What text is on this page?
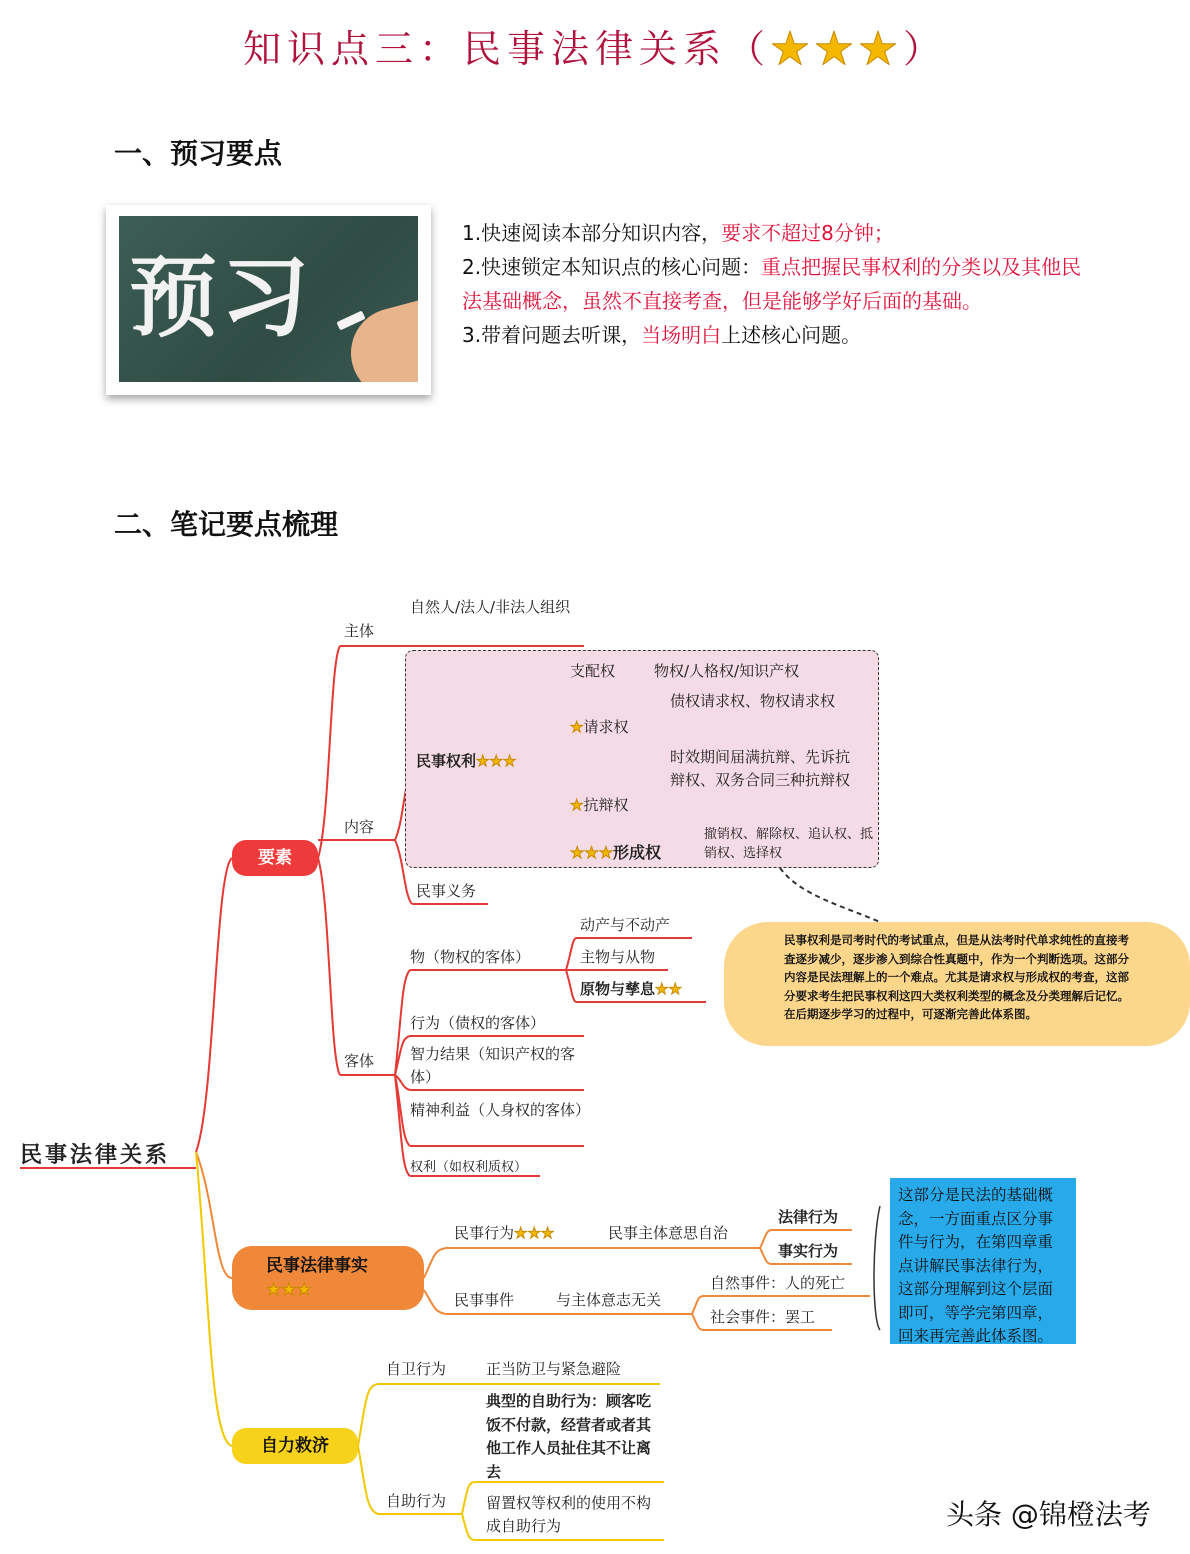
知识点三：民事法律关系（★★★）
一、预习要点
预习
1.快速阅读本部分知识内容，要求不超过8分钟；
2.快速锁定本知识点的核心问题：重点把握民事权利的分类以及其他民法基础概念，虽然不直接考查，但是能够学好后面的基础。
3.带着问题去听课，当场明白上述核心问题。
二、笔记要点梳理
民事法律关系
要素
民事法律事实
★★★
自力救济
主体
自然人/法人/非法人组织
内容
民事权利★★★
支配权	物权/人格权/知识产权
★请求权
债权请求权、物权请求权
★抗辩权
时效期间届满抗辩、先诉抗辩权、双务合同三种抗辩权
★★★形成权
撤销权、解除权、追认权、抵销权、选择权
民事义务
客体
物（物权的客体）
动产与不动产
主物与从物
原物与孳息★★
行为（债权的客体）
智力结果（知识产权的客体）
精神利益（人身权的客体）
权利（如权利质权）
民事权利是司考时代的考试重点，但是从法考时代单求纯性的直接考查逐步减少，逐步渗入到综合性真题中，作为一个判断选项。这部分内容是民法理解上的一个难点。尤其是请求权与形成权的考查，这部分要求考生把民事权利这四大类权利类型的概念及分类理解后记忆。在后期逐步学习的过程中，可逐渐完善此体系图。
民事行为★★★	民事主体意思自治
法律行为
事实行为
民事事件	与主体意志无关
自然事件：人的死亡
社会事件：罢工
这部分是民法的基础概念，一方面重点区分事件与行为，在第四章重点讲解民事法律行为，这部分理解到这个层面即可，等学完第四章，回来再完善此体系图。
自卫行为	正当防卫与紧急避险
自助行为
典型的自助行为：顾客吃饭不付款，经营者或者其他工作人员扯住其不让离去
留置权等权利的使用不构成自助行为	头条 @锦橙法考
